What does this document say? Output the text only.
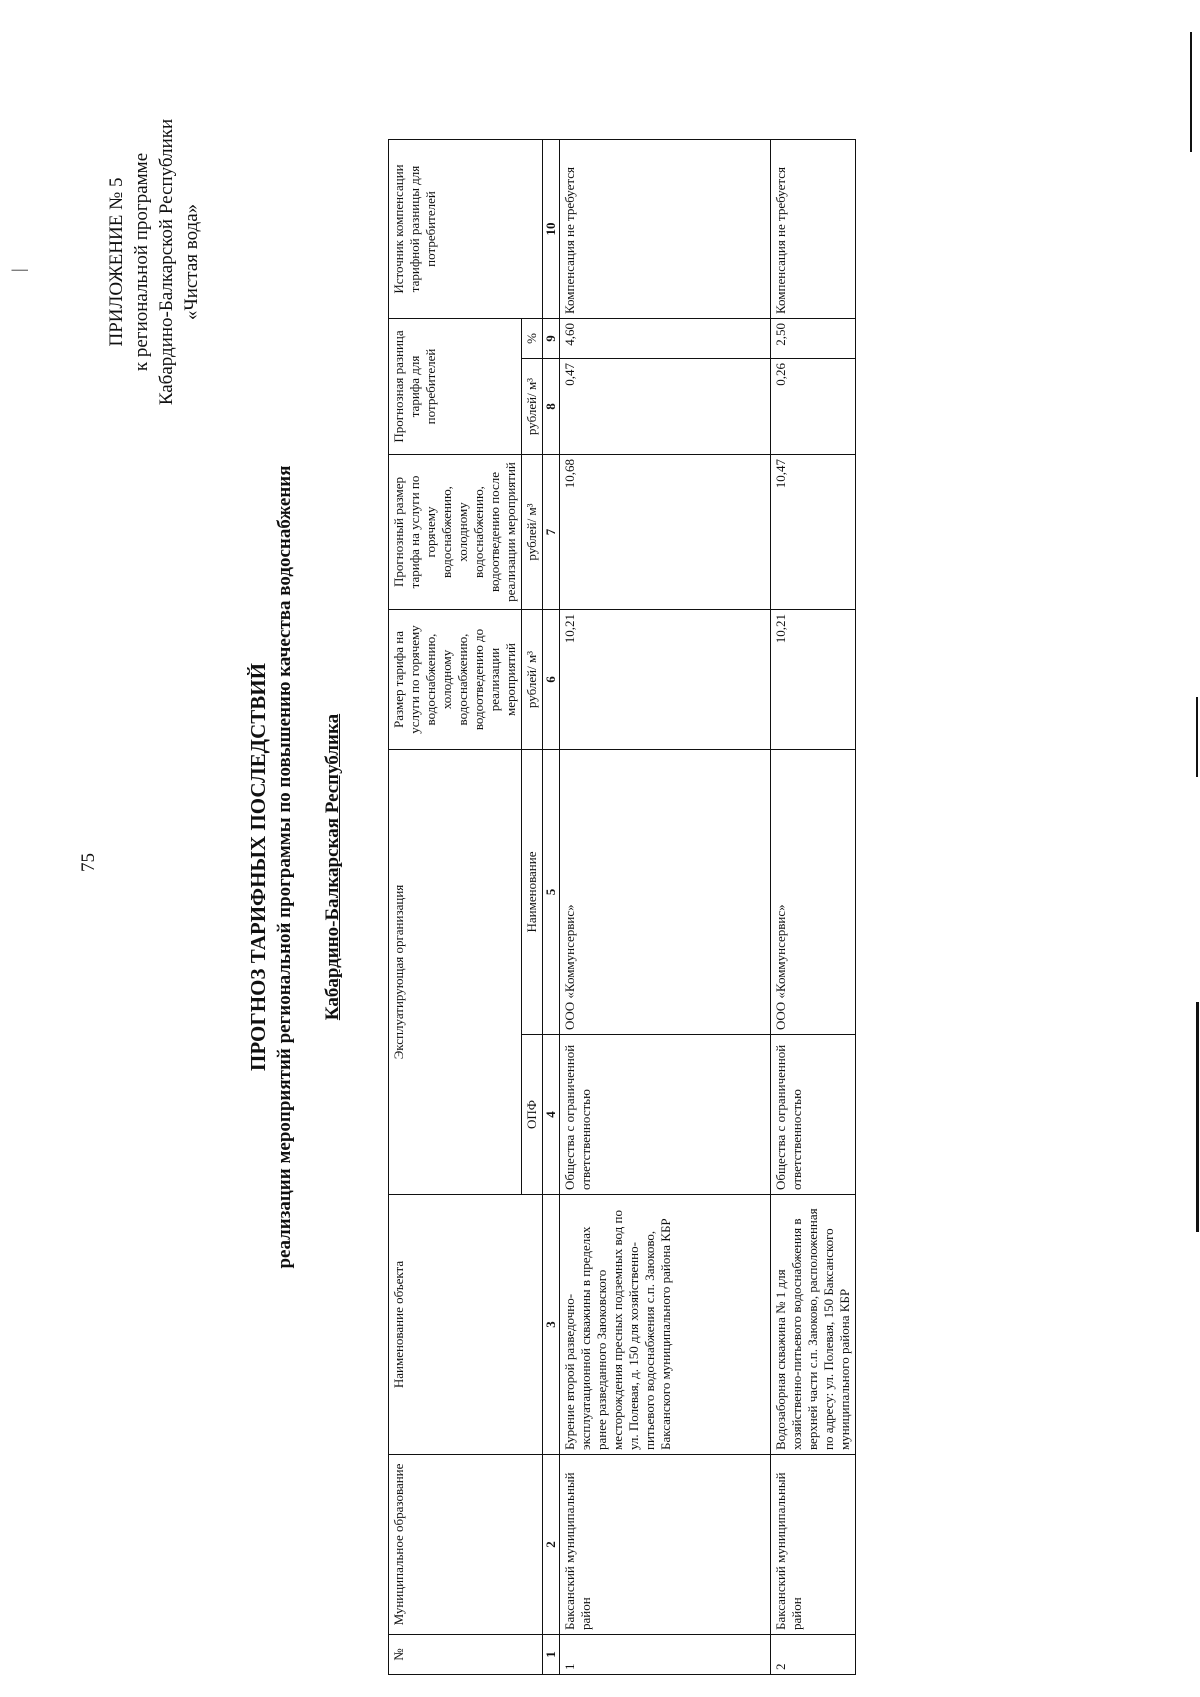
75
ПРИЛОЖЕНИЕ № 5 к региональной программе Кабардино-Балкарской Республики «Чистая вода»
ПРОГНОЗ ТАРИФНЫХ ПОСЛЕДСТВИЙ реализации мероприятий региональной программы по повышению качества водоснабжения Кабардино-Балкарская Республика
№	Муниципальное образование	Наименование объекта	Эксплуатирующая организация		Размер тарифа на услуги по горячему водоснабжению, холодному водоснабжению, водоотведению до реализации мероприятий	Прогнозный размер тарифа на услуги по горячему водоснабжению, холодному водоснабжению, водоотведению после реализации мероприятий	Прогнозная разница тарифа для потребителей		Источник компенсации тарифной разницы для потребителей
			ОПФ	Наименование	рублей/ м³	рублей/ м³	рублей/ м³	%	
1	2	3	4	5	6	7	8	9	10
1	Баксанский муниципальный район	Бурение второй разведочно-эксплуатационной скважины в пределах ранее разведанного Заюковского месторождения пресных подземных вод по ул. Полевая, д. 150 для хозяйственно-питьевого водоснабжения с.п. Заюково, Баксанского муниципального района КБР	Общества с ограниченной ответственностью	ООО «Коммунсервис»	10,21	10,68	0,47	4,60	Компенсация не требуется
2	Баксанский муниципальный район	Водозаборная скважина № 1 для хозяйственно-питьевого водоснабжения в верхней части с.п. Заюково, расположенная по адресу: ул. Полевая, 150 Баксанского муниципального района КБР	Общества с ограниченной ответственностью	ООО «Коммунсервис»	10,21	10,47	0,26	2,50	Компенсация не требуется
|
